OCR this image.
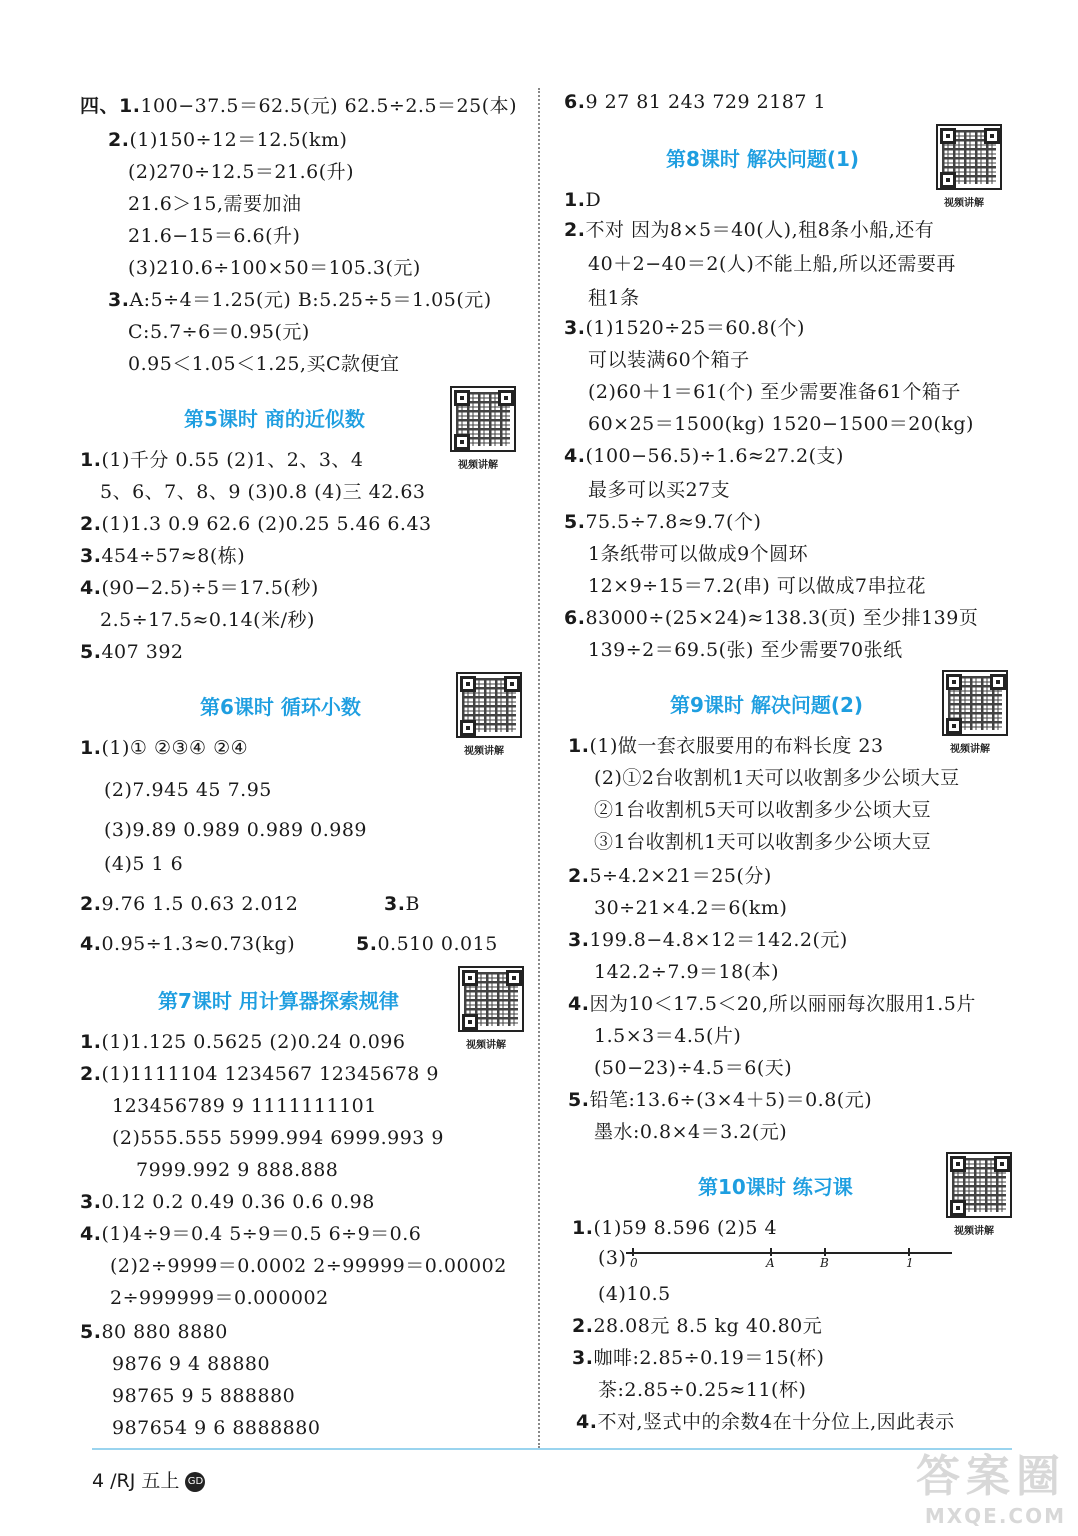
四、1.100−37.5＝62.5(元) 62.5÷2.5＝25(本)
2.(1)150÷12＝12.5(km)
(2)270÷12.5＝21.6(升)
21.6＞15,需要加油
21.6−15＝6.6(升)
(3)210.6÷100×50＝105.3(元)
3.A:5÷4＝1.25(元) B:5.25÷5＝1.05(元)
C:5.7÷6＝0.95(元)
0.95＜1.05＜1.25,买C款便宜
1.(1)千分 0.55 (2)1、2、3、4
5、6、7、8、9 (3)0.8 (4)三 42.63
2.(1)1.3 0.9 62.6 (2)0.25 5.46 6.43
3.454÷57≈8(栋)
4.(90−2.5)÷5＝17.5(秒)
2.5÷17.5≈0.14(米/秒)
5.407 392
1.(1)① ②③④ ②④
(2)7.945 45 7.95
(3)9.89 0.989 0.989 0.989
(4)5 1 6
2.9.76 1.5 0.63 2.012	3.B
4.0.95÷1.3≈0.73(kg)	5.0.510 0.015
1.(1)1.125 0.5625 (2)0.24 0.096
2.(1)1111104 1234567 12345678 9
123456789 9 1111111101
(2)555.555 5999.994 6999.993 9
7999.992 9 888.888
3.0.12 0.2 0.49 0.36 0.6 0.98
4.(1)4÷9＝0.4 5÷9＝0.5 6÷9＝0.6
(2)2÷9999＝0.0002 2÷99999＝0.00002
2÷999999＝0.000002
5.80 880 8880
9876 9 4 88880
98765 9 5 888880
987654 9 6 8888880
6.9 27 81 243 729 2187 1
1.D
2.不对 因为8×5＝40(人),租8条小船,还有
40＋2−40＝2(人)不能上船,所以还需要再
租1条
3.(1)1520÷25＝60.8(个)
可以装满60个箱子
(2)60＋1＝61(个) 至少需要准备61个箱子
60×25＝1500(kg) 1520−1500＝20(kg)
4.(100−56.5)÷1.6≈27.2(支)
最多可以买27支
5.75.5÷7.8≈9.7(个)
1条纸带可以做成9个圆环
12×9÷15＝7.2(串) 可以做成7串拉花
6.83000÷(25×24)≈138.3(页) 至少排139页
139÷2＝69.5(张) 至少需要70张纸
1.(1)做一套衣服要用的布料长度 23
(2)①2台收割机1天可以收割多少公顷大豆
②1台收割机5天可以收割多少公顷大豆
③1台收割机1天可以收割多少公顷大豆
2.5÷4.2×21＝25(分)
30÷21×4.2＝6(km)
3.199.8−4.8×12＝142.2(元)
142.2÷7.9＝18(本)
4.因为10＜17.5＜20,所以丽丽每次服用1.5片
1.5×3＝4.5(片)
(50−23)÷4.5＝6(天)
5.铅笔:13.6÷(3×4＋5)＝0.8(元)
墨水:0.8×4＝3.2(元)
1.(1)59 8.596 (2)5 4
(3)
(4)10.5
2.28.08元 8.5 kg 40.80元
3.咖啡:2.85÷0.19＝15(杯)
茶:2.85÷0.25≈11(杯)
4.不对,竖式中的余数4在十分位上,因此表示
第5课时 商的近似数
第6课时 循环小数
第7课时 用计算器探索规律
第8课时 解决问题(1)
第9课时 解决问题(2)
第10课时 练习课
视频讲解
视频讲解
视频讲解
视频讲解
视频讲解
视频讲解
0	A	B	1
4 /RJ 五上 GD	答案圈
MXQE.COM
